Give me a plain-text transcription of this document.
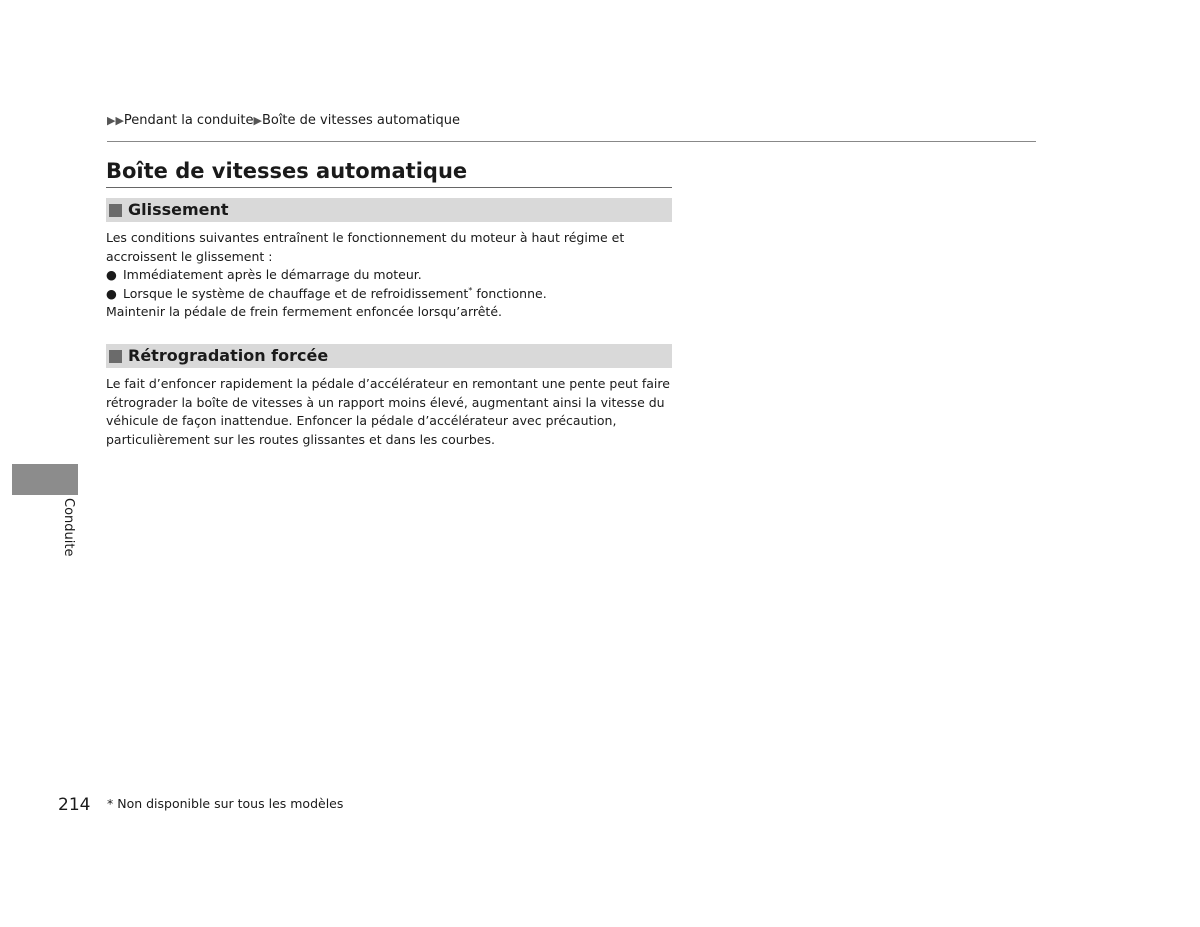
▶▶Pendant la conduite▶Boîte de vitesses automatique
Boîte de vitesses automatique
Glissement

Les conditions suivantes entraînent le fonctionnement du moteur à haut régime et accroissent le glissement :

● Immédiatement après le démarrage du moteur.
● Lorsque le système de chauffage et de refroidissement* fonctionne.

Maintenir la pédale de frein fermement enfoncée lorsqu’arrêté.

Rétrogradation forcée

Le fait d’enfoncer rapidement la pédale d’accélérateur en remontant une pente peut faire rétrograder la boîte de vitesses à un rapport moins élevé, augmentant ainsi la vitesse du véhicule de façon inattendue. Enfoncer la pédale d’accélérateur avec précaution, particulièrement sur les routes glissantes et dans les courbes.

Conduite
214 * Non disponible sur tous les modèles
